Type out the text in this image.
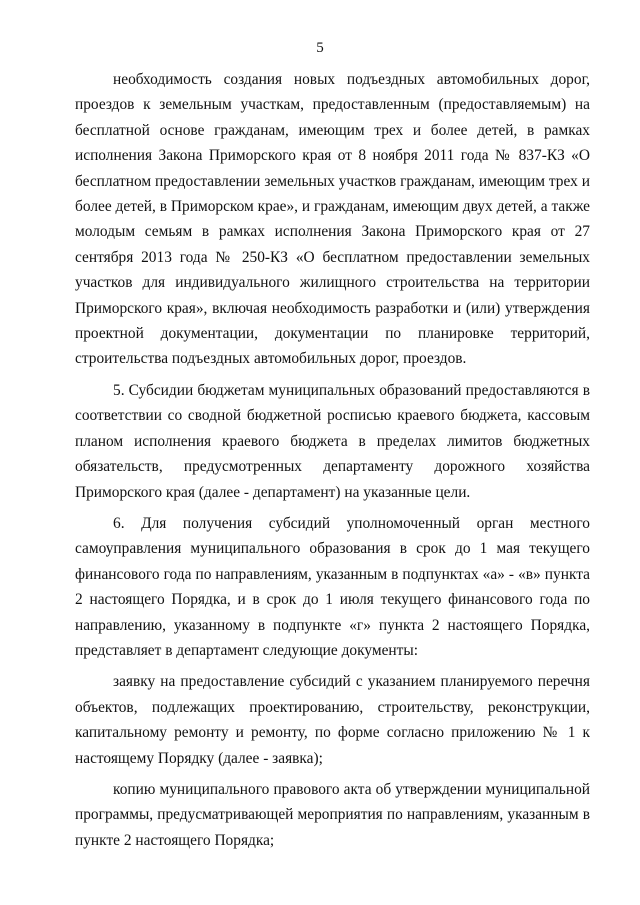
5

необходимость создания новых подъездных автомобильных дорог, проездов к земельным участкам, предоставленным (предоставляемым) на бесплатной основе гражданам, имеющим трех и более детей, в рамках исполнения Закона Приморского края от 8 ноября 2011 года № 837-КЗ «О бесплатном предоставлении земельных участков гражданам, имеющим трех и более детей, в Приморском крае», и гражданам, имеющим двух детей, а также молодым семьям в рамках исполнения Закона Приморского края от 27 сентября 2013 года № 250-КЗ «О бесплатном предоставлении земельных участков для индивидуального жилищного строительства на территории Приморского края», включая необходимость разработки и (или) утверждения проектной документации, документации по планировке территорий, строительства подъездных автомобильных дорог, проездов.

5. Субсидии бюджетам муниципальных образований предоставляются в соответствии со сводной бюджетной росписью краевого бюджета, кассовым планом исполнения краевого бюджета в пределах лимитов бюджетных обязательств, предусмотренных департаменту дорожного хозяйства Приморского края (далее - департамент) на указанные цели.

6. Для получения субсидий уполномоченный орган местного самоуправления муниципального образования в срок до 1 мая текущего финансового года по направлениям, указанным в подпунктах «а» - «в» пункта 2 настоящего Порядка, и в срок до 1 июля текущего финансового года по направлению, указанному в подпункте «г» пункта 2 настоящего Порядка, представляет в департамент следующие документы:

заявку на предоставление субсидий с указанием планируемого перечня объектов, подлежащих проектированию, строительству, реконструкции, капитальному ремонту и ремонту, по форме согласно приложению № 1 к настоящему Порядку (далее - заявка);

копию муниципального правового акта об утверждении муниципальной программы, предусматривающей мероприятия по направлениям, указанным в пункте 2 настоящего Порядка;
